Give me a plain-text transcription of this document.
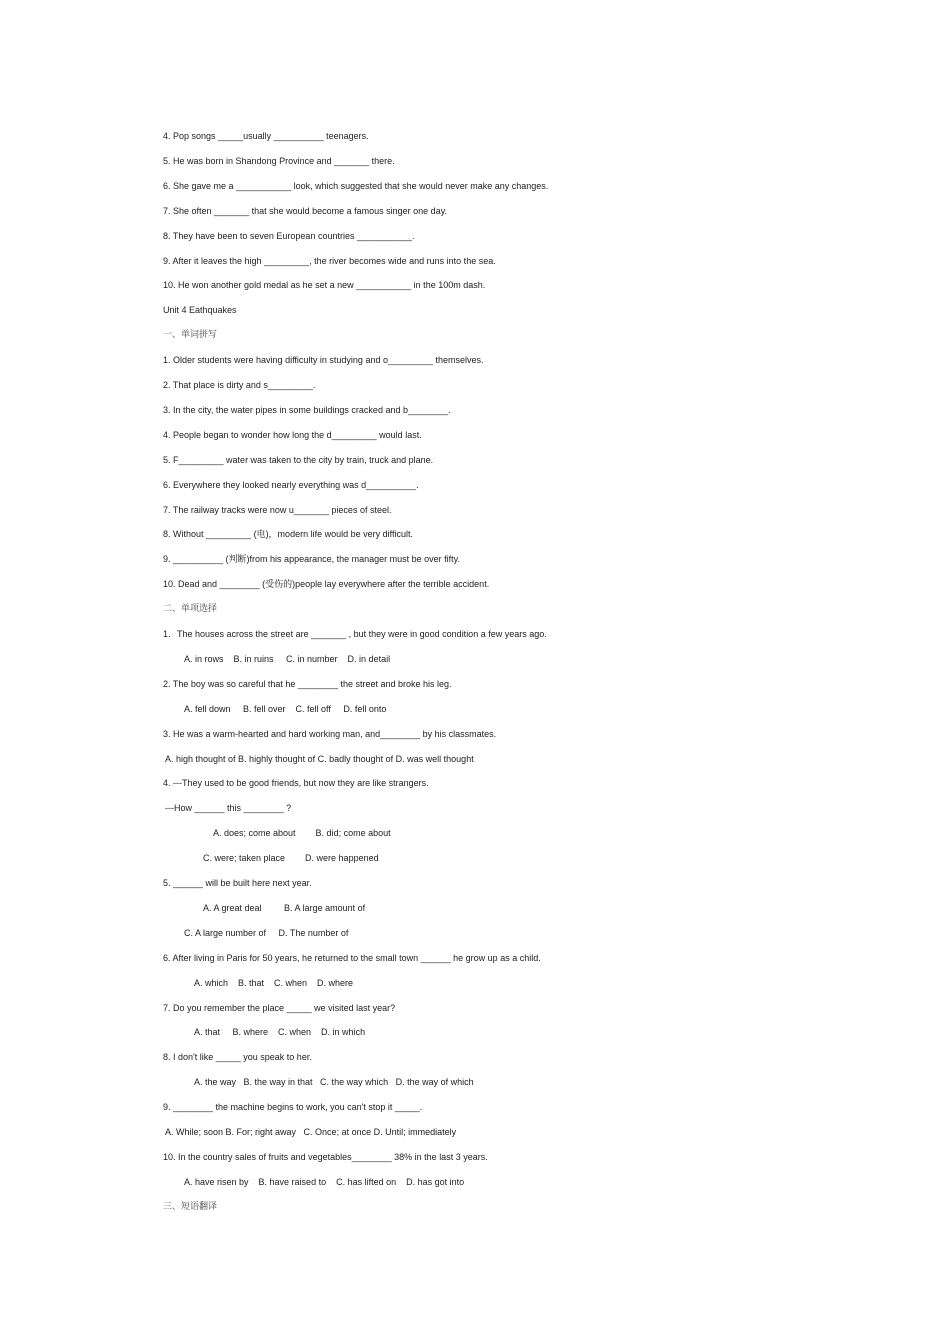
4. Pop songs _____usually __________ teenagers.
5. He was born in Shandong Province and _______ there.
6. She gave me a ___________ look, which suggested that she would never make any changes.
7. She often _______ that she would become a famous singer one day.
8. They have been to seven European countries ___________.
9. After it leaves the high _________, the river becomes wide and runs into the sea.
10. He won another gold medal as he set a new ___________ in the 100m dash.
Unit 4 Eathquakes
一、单词拼写
1. Older students were having difficulty in studying and o_________ themselves.
2. That place is dirty and s_________.
3. In the city, the water pipes in some buildings cracked and b________.
4. People began to wonder how long the d_________ would last.
5. F_________ water was taken to the city by train, truck and plane.
6. Everywhere they looked nearly everything was d__________.
7. The railway tracks were now u_______ pieces of steel.
8. Without _________ (电)，modern life would be very difficult.
9. __________ (判断)from his appearance, the manager must be over fifty.
10. Dead and ________ (受伤的)people lay everywhere after the terrible accident.
二、单项选择
1．The houses across the street are _______ , but they were in good condition a few years ago.
A. in rows    B. in ruins     C. in number    D. in detail
2. The boy was so careful that he ________ the street and broke his leg.
A. fell down     B. fell over    C. fell off     D. fell onto
3. He was a warm-hearted and hard working man, and________ by his classmates.
A. high thought of B. highly thought of C. badly thought of D. was well thought
4. ---They used to be good friends, but now they are like strangers.
---How ______ this ________ ?
A. does; come about        B. did; come about
C. were; taken place        D. were happened
5. ______ will be built here next year.
A. A great deal         B. A large amount of
C. A large number of     D. The number of
6. After living in Paris for 50 years, he returned to the small town ______ he grow up as a child.
A. which    B. that    C. when    D. where
7. Do you remember the place _____ we visited last year?
A. that     B. where    C. when    D. in which
8. I don't like _____ you speak to her.
A. the way   B. the way in that   C. the way which   D. the way of which
9. ________ the machine begins to work, you can't stop it _____.
A. While; soon B. For; right away   C. Once; at once D. Until; immediately
10. In the country sales of fruits and vegetables________ 38% in the last 3 years.
A. have risen by    B. have raised to    C. has lifted on    D. has got into
三、短语翻译
